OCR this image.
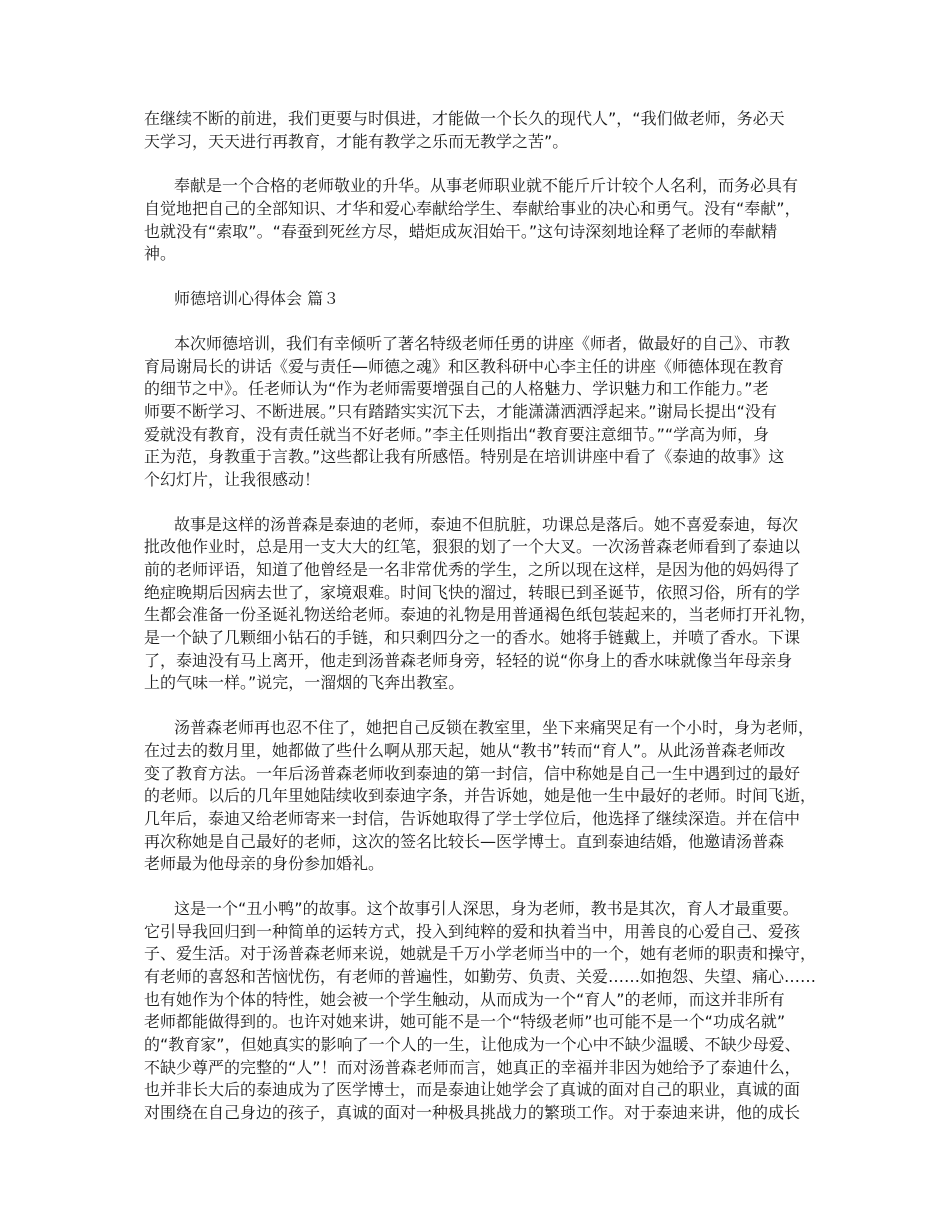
在继续不断的前进，我们更要与时俱进，才能做一个长久的现代人”，“我们做老师，务必天
天学习，天天进行再教育，才能有教学之乐而无教学之苦”。
奉献是一个合格的老师敬业的升华。从事老师职业就不能斤斤计较个人名利，而务必具有
自觉地把自己的全部知识、才华和爱心奉献给学生、奉献给事业的决心和勇气。没有“奉献”，
也就没有“索取”。“春蚕到死丝方尽，蜡炬成灰泪始干。”这句诗深刻地诠释了老师的奉献精
神。
师德培训心得体会 篇３
本次师德培训，我们有幸倾听了著名特级老师任勇的讲座《师者，做最好的自己》、市教
育局谢局长的讲话《爱与责任—师德之魂》和区教科研中心李主任的讲座《师德体现在教育
的细节之中》。任老师认为“作为老师需要增强自己的人格魅力、学识魅力和工作能力。”老
师要不断学习、不断进展。”只有踏踏实实沉下去，才能潇潇洒洒浮起来。”谢局长提出“没有
爱就没有教育，没有责任就当不好老师。”李主任则指出“教育要注意细节。”“学高为师，身
正为范，身教重于言教。”这些都让我有所感悟。特别是在培训讲座中看了《泰迪的故事》这
个幻灯片，让我很感动！
故事是这样的汤普森是泰迪的老师，泰迪不但肮脏，功课总是落后。她不喜爱泰迪，每次
批改他作业时，总是用一支大大的红笔，狠狠的划了一个大叉。一次汤普森老师看到了泰迪以
前的老师评语，知道了他曾经是一名非常优秀的学生，之所以现在这样，是因为他的妈妈得了
绝症晚期后因病去世了，家境艰难。时间飞快的溜过，转眼已到圣诞节，依照习俗，所有的学
生都会准备一份圣诞礼物送给老师。泰迪的礼物是用普通褐色纸包装起来的，当老师打开礼物，
是一个缺了几颗细小钻石的手链，和只剩四分之一的香水。她将手链戴上，并喷了香水。下课
了，泰迪没有马上离开，他走到汤普森老师身旁，轻轻的说“你身上的香水味就像当年母亲身
上的气味一样。”说完，一溜烟的飞奔出教室。
汤普森老师再也忍不住了，她把自己反锁在教室里，坐下来痛哭足有一个小时，身为老师，
在过去的数月里，她都做了些什么啊从那天起，她从“教书”转而“育人”。从此汤普森老师改
变了教育方法。一年后汤普森老师收到泰迪的第一封信，信中称她是自己一生中遇到过的最好
的老师。以后的几年里她陆续收到泰迪字条，并告诉她，她是他一生中最好的老师。时间飞逝，
几年后，泰迪又给老师寄来一封信，告诉她取得了学士学位后，他选择了继续深造。并在信中
再次称她是自己最好的老师，这次的签名比较长—医学博士。直到泰迪结婚，他邀请汤普森
老师最为他母亲的身份参加婚礼。
这是一个“丑小鸭”的故事。这个故事引人深思，身为老师，教书是其次，育人才最重要。
它引导我回归到一种简单的运转方式，投入到纯粹的爱和执着当中，用善良的心爱自己、爱孩
子、爱生活。对于汤普森老师来说，她就是千万小学老师当中的一个，她有老师的职责和操守，
有老师的喜怒和苦恼忧伤，有老师的普遍性，如勤劳、负责、关爱……如抱怨、失望、痛心……
也有她作为个体的特性，她会被一个学生触动，从而成为一个“育人”的老师，而这并非所有
老师都能做得到的。也许对她来讲，她可能不是一个“特级老师”也可能不是一个“功成名就”
的“教育家”，但她真实的影响了一个人的一生，让他成为一个心中不缺少温暖、不缺少母爱、
不缺少尊严的完整的“人”！而对汤普森老师而言，她真正的幸福并非因为她给予了泰迪什么，
也并非长大后的泰迪成为了医学博士，而是泰迪让她学会了真诚的面对自己的职业，真诚的面
对围绕在自己身边的孩子，真诚的面对一种极具挑战力的繁琐工作。对于泰迪来讲，他的成长
